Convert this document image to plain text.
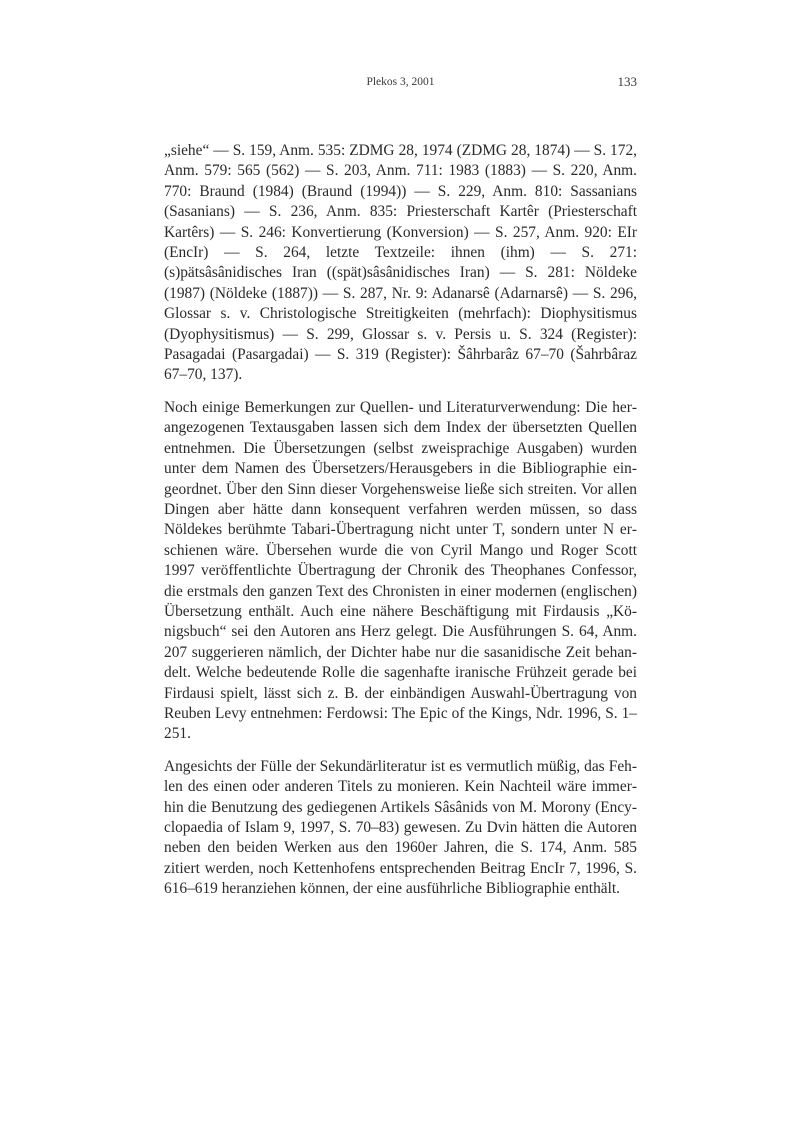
Plekos 3, 2001	133

„siehe“ — S. 159, Anm. 535: ZDMG 28, 1974 (ZDMG 28, 1874) — S. 172, Anm. 579: 565 (562) — S. 203, Anm. 711: 1983 (1883) — S. 220, Anm. 770: Braund (1984) (Braund (1994)) — S. 229, Anm. 810: Sassanians (Sasanians) — S. 236, Anm. 835: Priesterschaft Kartêr (Priesterschaft Kartêrs) — S. 246: Konvertierung (Konversion) — S. 257, Anm. 920: EIr (EncIr) — S. 264, letzte Textzeile: ihnen (ihm) — S. 271: (s)pätsâsânidisches Iran ((spät)sâsânidisches Iran) — S. 281: Nöldeke (1987) (Nöldeke (1887)) — S. 287, Nr. 9: Adanarsê (Adarnarsê) — S. 296, Glossar s. v. Christologische Streitigkeiten (mehrfach): Diophysitismus (Dyophysitismus) — S. 299, Glossar s. v. Persis u. S. 324 (Register): Pasagadai (Pasargadai) — S. 319 (Register): Šâhrbarâz 67–70 (Šahrbâraz 67–70, 137).

Noch einige Bemerkungen zur Quellen- und Literaturverwendung: Die herangezogenen Textausgaben lassen sich dem Index der übersetzten Quellen entnehmen. Die Übersetzungen (selbst zweisprachige Ausgaben) wurden unter dem Namen des Übersetzers/Herausgebers in die Bibliographie eingeordnet. Über den Sinn dieser Vorgehensweise ließe sich streiten. Vor allen Dingen aber hätte dann konsequent verfahren werden müssen, so dass Nöldekes berühmte Tabari-Übertragung nicht unter T, sondern unter N erschienen wäre. Übersehen wurde die von Cyril Mango und Roger Scott 1997 veröffentlichte Übertragung der Chronik des Theophanes Confessor, die erstmals den ganzen Text des Chronisten in einer modernen (englischen) Übersetzung enthält. Auch eine nähere Beschäftigung mit Firdausis „Königsbuch“ sei den Autoren ans Herz gelegt. Die Ausführungen S. 64, Anm. 207 suggerieren nämlich, der Dichter habe nur die sasanidische Zeit behandelt. Welche bedeutende Rolle die sagenhafte iranische Frühzeit gerade bei Firdausi spielt, lässt sich z. B. der einbändigen Auswahl-Übertragung von Reuben Levy entnehmen: Ferdowsi: The Epic of the Kings, Ndr. 1996, S. 1–251.

Angesichts der Fülle der Sekundärliteratur ist es vermutlich müßig, das Fehlen des einen oder anderen Titels zu monieren. Kein Nachteil wäre immerhin die Benutzung des gediegenen Artikels Sâsânids von M. Morony (Encyclopaedia of Islam 9, 1997, S. 70–83) gewesen. Zu Dvin hätten die Autoren neben den beiden Werken aus den 1960er Jahren, die S. 174, Anm. 585 zitiert werden, noch Kettenhofens entsprechenden Beitrag EncIr 7, 1996, S. 616–619 heranziehen können, der eine ausführliche Bibliographie enthält.
